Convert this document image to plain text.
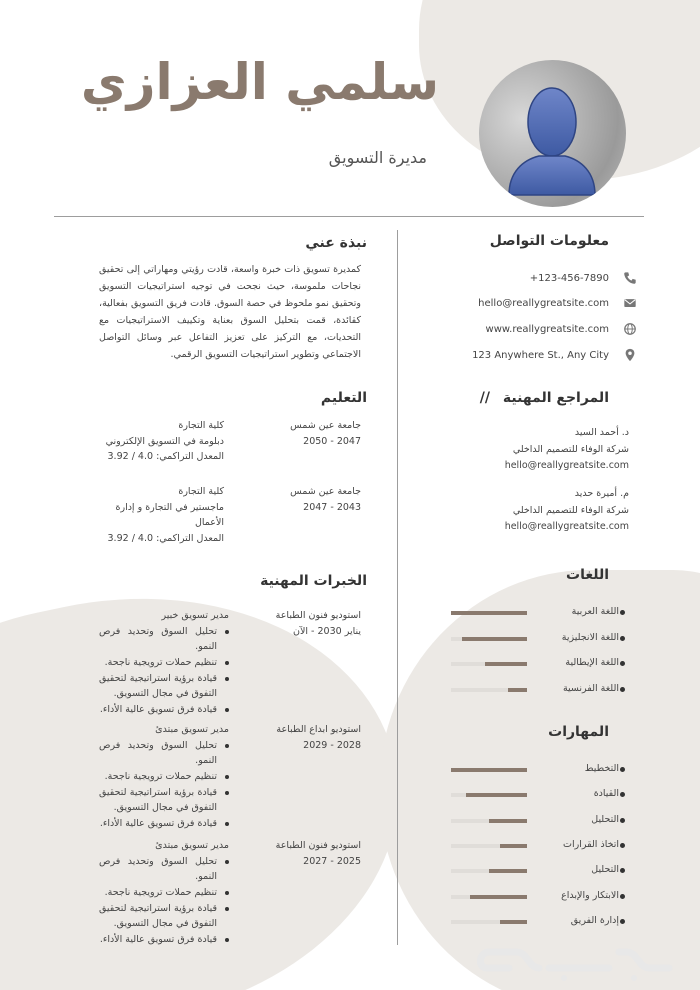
سلمي العزازي
مديرة التسويق
معلومات التواصل
+123-456-7890
hello@reallygreatsite.com
www.reallygreatsite.com
123 Anywhere St., Any City
المراجع المهنية //
د. أحمد السيد
شركة الوفاء للتصميم الداخلي
hello@reallygreatsite.com
م. أميرة حديد
شركة الوفاء للتصميم الداخلي
hello@reallygreatsite.com
اللغات
اللغة العربية
اللغة الانجليزية
اللغة الإيطالية
اللغة الفرنسية
المهارات
التخطيط
القيادة
التحليل
اتخاذ القرارات
التحليل
الابتكار والإبداع
إدارة الفريق
نبذة عني

كمديرة تسويق ذات خبرة واسعة، قادت رؤيتي ومهاراتي إلى تحقيق نجاحات ملموسة، حيث نجحت في توجيه استراتيجيات التسويق وتحقيق نمو ملحوظ في حصة السوق. قادت فريق التسويق بفعالية، كقائدة، قمت بتحليل السوق بعناية وتكييف الاستراتيجيات مع التحديات، مع التركيز على تعزيز التفاعل عبر وسائل التواصل الاجتماعي وتطوير استراتيجيات التسويق الرقمي.

التعليم
جامعة عين شمس
2047 - 2050
كلية التجارة
دبلومة في التسويق الإلكتروني
المعدل التراكمي: 3.92 / 4.0
جامعة عين شمس
2043 - 2047
كلية التجارة
ماجستير في التجارة و إدارة الأعمال
المعدل التراكمي: 3.92 / 4.0
الخبرات المهنية
استوديو فنون الطباعة
يناير 2030 - الآن
مدير تسويق خبير
تحليل السوق وتحديد فرص النمو.
تنظيم حملات ترويجية ناجحة.
قيادة برؤية استراتيجية لتحقيق التفوق في مجال التسويق.
قيادة فرق تسويق عالية الأداء.
استوديو ابداع الطباعة
2028 - 2029
مدير تسويق مبتدئ
تحليل السوق وتحديد فرص النمو.
تنظيم حملات ترويجية ناجحة.
قيادة برؤية استراتيجية لتحقيق التفوق في مجال التسويق.
قيادة فرق تسويق عالية الأداء.
استوديو فنون الطباعة
2025 - 2027
مدير تسويق مبتدئ
تحليل السوق وتحديد فرص النمو.
تنظيم حملات ترويجية ناجحة.
قيادة برؤية استراتيجية لتحقيق التفوق في مجال التسويق.
قيادة فرق تسويق عالية الأداء.
